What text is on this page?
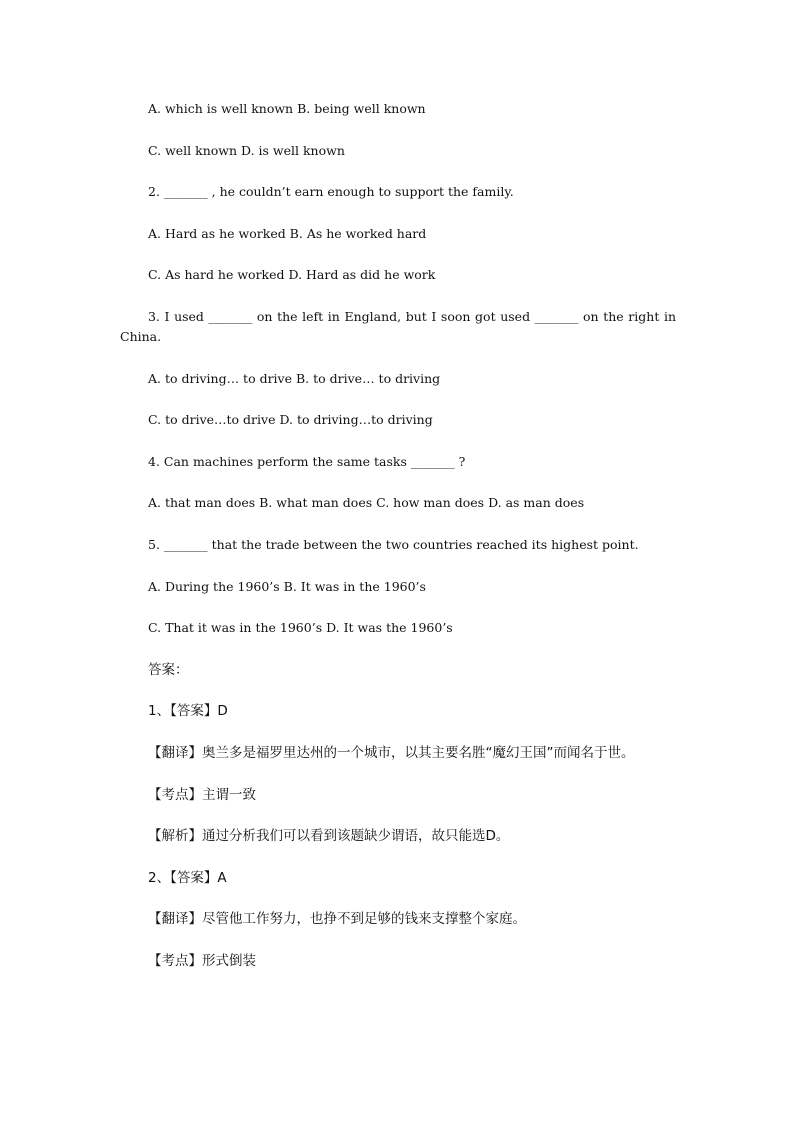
A. which is well known B. being well known

C. well known D. is well known

2. _______ , he couldn’t earn enough to support the family.

A. Hard as he worked B. As he worked hard

C. As hard he worked D. Hard as did he work

3. I used _______ on the left in England, but I soon got used _______ on the right in China.

A. to driving… to drive B. to drive… to driving

C. to drive…to drive D. to driving…to driving

4. Can machines perform the same tasks _______ ?

A. that man does B. what man does C. how man does D. as man does

5. _______ that the trade between the two countries reached its highest point.

A. During the 1960’s B. It was in the 1960’s

C. That it was in the 1960’s D. It was the 1960’s

答案：

1、【答案】D

【翻译】奥兰多是福罗里达州的一个城市，以其主要名胜“魔幻王国”而闻名于世。

【考点】主谓一致

【解析】通过分析我们可以看到该题缺少谓语，故只能选D。

2、【答案】A

【翻译】尽管他工作努力，也挣不到足够的钱来支撑整个家庭。

【考点】形式倒装
